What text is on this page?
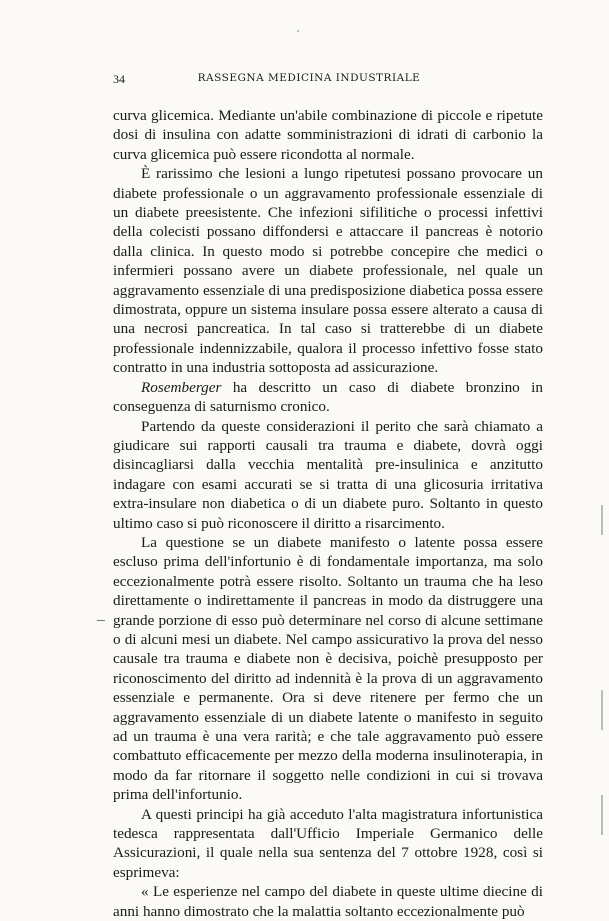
34	RASSEGNA MEDICINA INDUSTRIALE

curva glicemica. Mediante un'abile combinazione di piccole e ripetute dosi di insulina con adatte somministrazioni di idrati di carbonio la curva glicemica può essere ricondotta al normale.

È rarissimo che lesioni a lungo ripetutesi possano provocare un diabete professionale o un aggravamento professionale essenziale di un diabete preesistente. Che infezioni sifilitiche o processi infettivi della colecisti possano diffondersi e attaccare il pancreas è notorio dalla clinica. In questo modo si potrebbe concepire che medici o infermieri possano avere un diabete professionale, nel quale un aggravamento essenziale di una predisposizione diabetica possa essere dimostrata, oppure un sistema insulare possa essere alterato a causa di una necrosi pancreatica. In tal caso si tratterebbe di un diabete professionale indennizzabile, qualora il processo infettivo fosse stato contratto in una industria sottoposta ad assicurazione.

Rosemberger ha descritto un caso di diabete bronzino in conseguenza di saturnismo cronico.

Partendo da queste considerazioni il perito che sarà chiamato a giudicare sui rapporti causali tra trauma e diabete, dovrà oggi disincagliarsi dalla vecchia mentalità pre-insulinica e anzitutto indagare con esami accurati se si tratta di una glicosuria irritativa extra-insulare non diabetica o di un diabete puro. Soltanto in questo ultimo caso si può riconoscere il diritto a risarcimento.

La questione se un diabete manifesto o latente possa essere escluso prima dell'infortunio è di fondamentale importanza, ma solo eccezionalmente potrà essere risolto. Soltanto un trauma che ha leso direttamente o indirettamente il pancreas in modo da distruggere una grande porzione di esso può determinare nel corso di alcune settimane o di alcuni mesi un diabete. Nel campo assicurativo la prova del nesso causale tra trauma e diabete non è decisiva, poichè presupposto per riconoscimento del diritto ad indennità è la prova di un aggravamento essenziale e permanente. Ora si deve ritenere per fermo che un aggravamento essenziale di un diabete latente o manifesto in seguito ad un trauma è una vera rarità; e che tale aggravamento può essere combattuto efficacemente per mezzo della moderna insulinoterapia, in modo da far ritornare il soggetto nelle condizioni in cui si trovava prima dell'infortunio.

A questi principi ha già acceduto l'alta magistratura infortunistica tedesca rappresentata dall'Ufficio Imperiale Germanico delle Assicurazioni, il quale nella sua sentenza del 7 ottobre 1928, così si esprimeva:

« Le esperienze nel campo del diabete in queste ultime diecine di anni hanno dimostrato che la malattia soltanto eccezionalmente può
